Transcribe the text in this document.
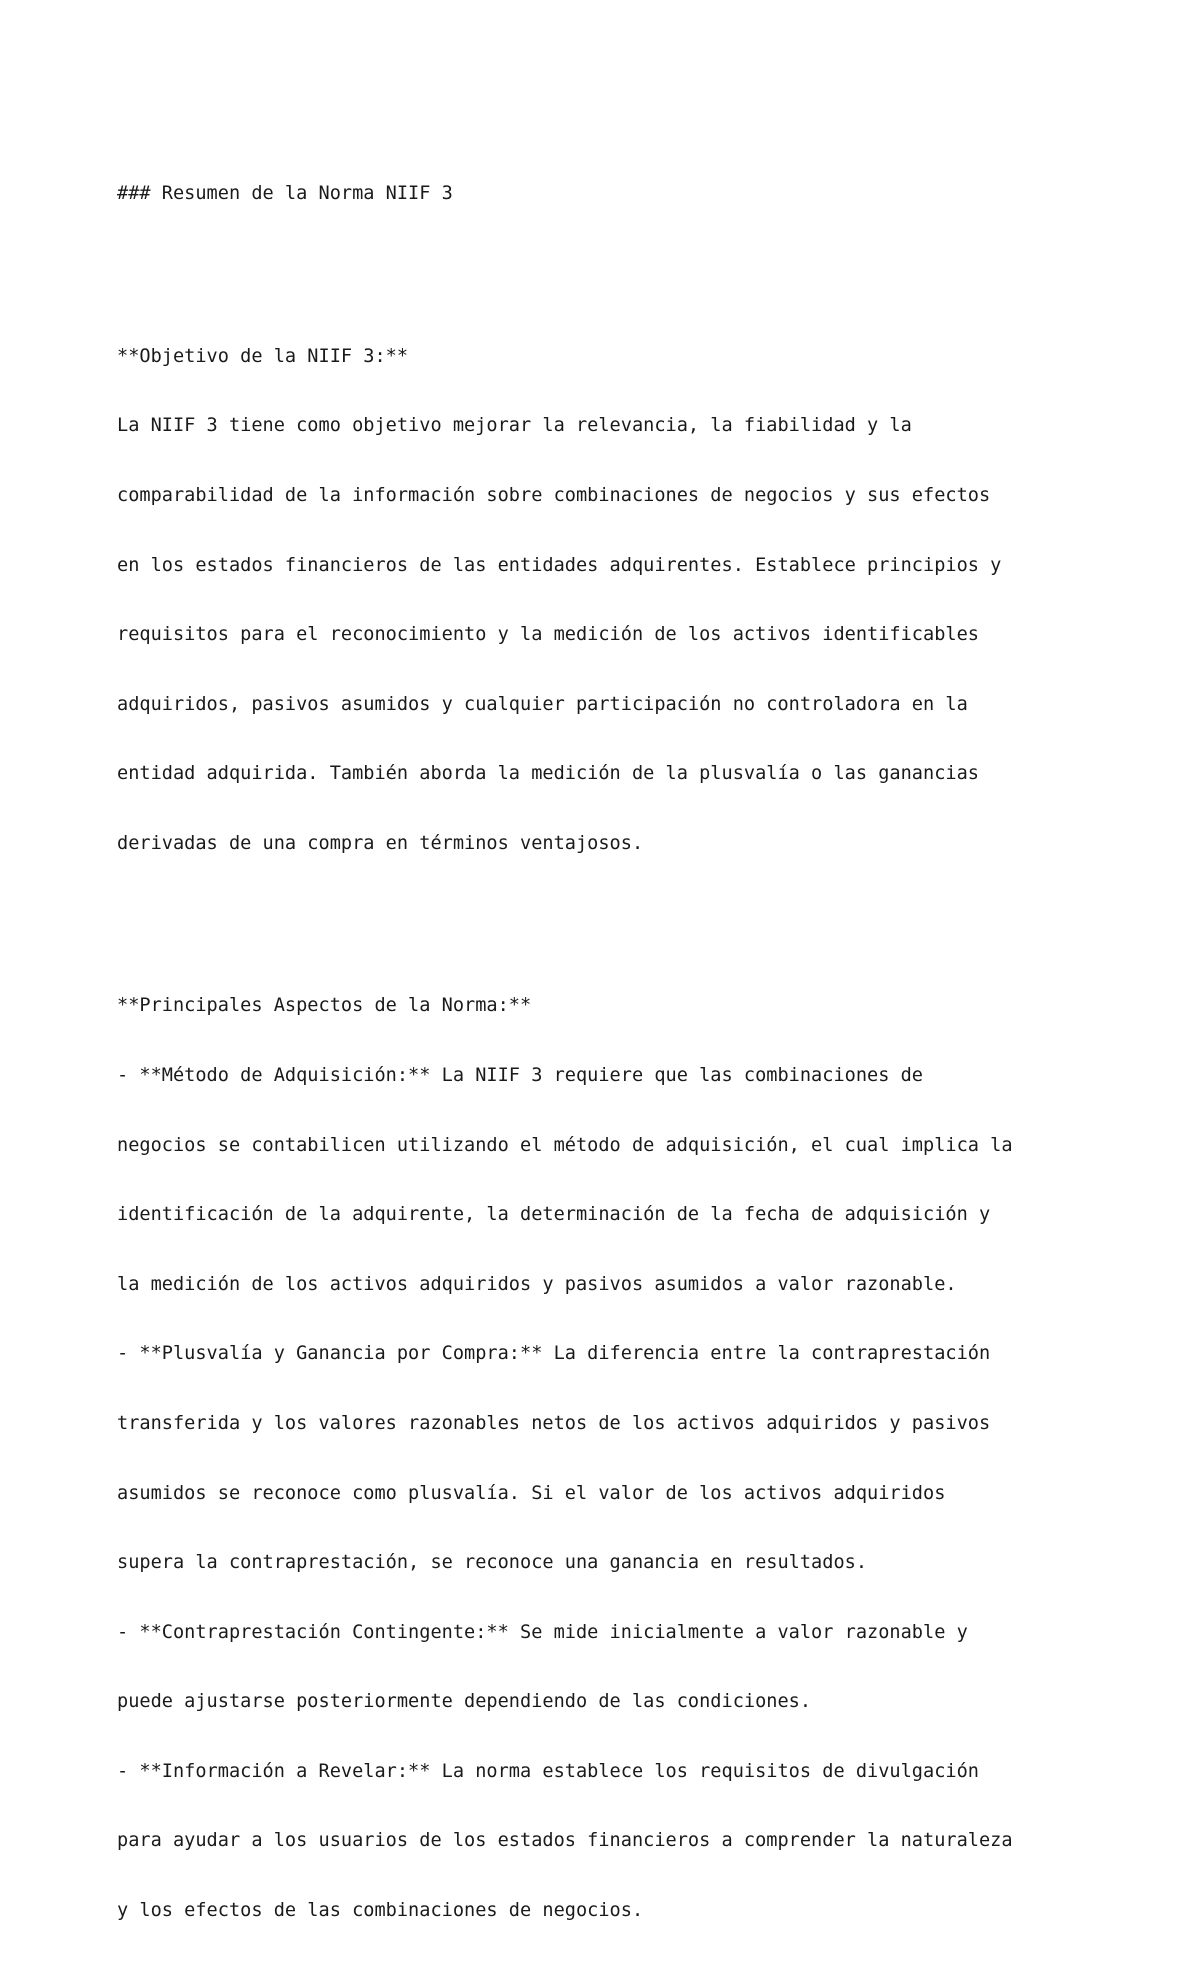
### Resumen de la Norma NIIF 3

**Objetivo de la NIIF 3:**

La NIIF 3 tiene como objetivo mejorar la relevancia, la fiabilidad y la

comparabilidad de la información sobre combinaciones de negocios y sus efectos

en los estados financieros de las entidades adquirentes. Establece principios y

requisitos para el reconocimiento y la medición de los activos identificables

adquiridos, pasivos asumidos y cualquier participación no controladora en la

entidad adquirida. También aborda la medición de la plusvalía o las ganancias

derivadas de una compra en términos ventajosos.

**Principales Aspectos de la Norma:**

- **Método de Adquisición:** La NIIF 3 requiere que las combinaciones de

negocios se contabilicen utilizando el método de adquisición, el cual implica la

identificación de la adquirente, la determinación de la fecha de adquisición y

la medición de los activos adquiridos y pasivos asumidos a valor razonable.

- **Plusvalía y Ganancia por Compra:** La diferencia entre la contraprestación

transferida y los valores razonables netos de los activos adquiridos y pasivos

asumidos se reconoce como plusvalía. Si el valor de los activos adquiridos

supera la contraprestación, se reconoce una ganancia en resultados.

- **Contraprestación Contingente:** Se mide inicialmente a valor razonable y

puede ajustarse posteriormente dependiendo de las condiciones.

- **Información a Revelar:** La norma establece los requisitos de divulgación

para ayudar a los usuarios de los estados financieros a comprender la naturaleza

y los efectos de las combinaciones de negocios.
